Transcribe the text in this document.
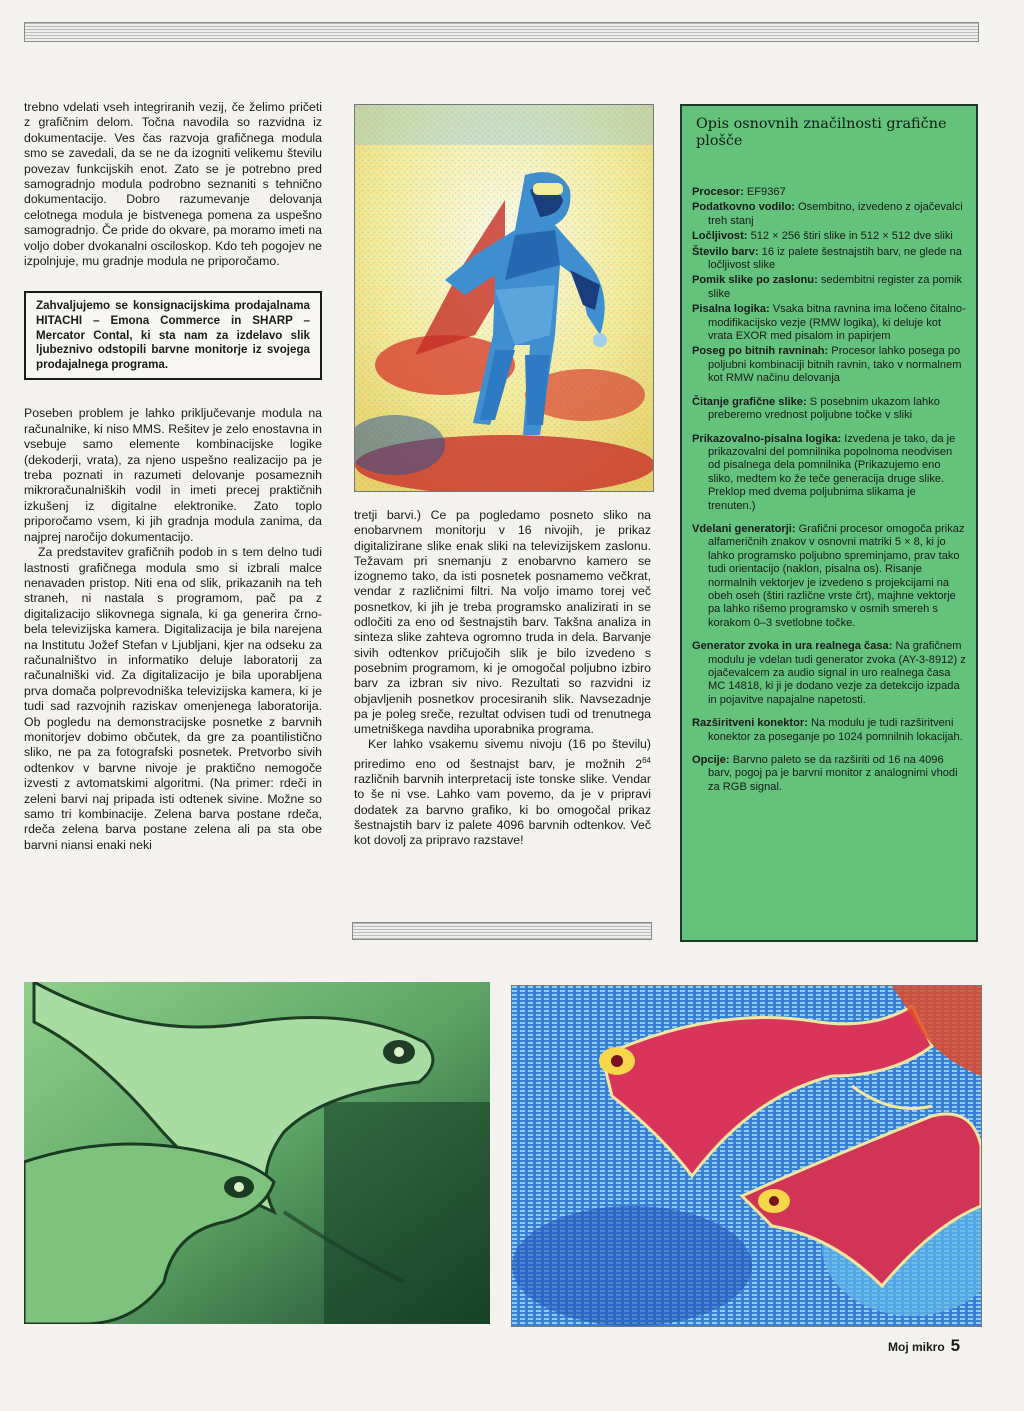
trebno vdelati vseh integriranih vezij, če želimo pričeti z grafičnim delom. Točna navodila so razvidna iz dokumentacije. Ves čas razvoja grafičnega modula smo se zavedali, da se ne da izogniti velikemu številu povezav funkcijskih enot. Zato se je potrebno pred samogradnjo modula podrobno seznaniti s tehnično dokumentacijo. Dobro razumevanje delovanja celotnega modula je bistvenega pomena za uspešno samogradnjo. Če pride do okvare, pa moramo imeti na voljo dober dvokanalni osciloskop. Kdo teh pogojev ne izpolnjuje, mu gradnje modula ne priporočamo.

Zahvaljujemo se konsignacijskima prodajalnama HITACHI – Emona Commerce in SHARP – Mercator Contal, ki sta nam za izdelavo slik ljubeznivo odstopili barvne monitorje iz svojega prodajalnega programa.

Poseben problem je lahko priključevanje modula na računalnike, ki niso MMS. Rešitev je zelo enostavna in vsebuje samo elemente kombinacijske logike (dekoderji, vrata), za njeno uspešno realizacijo pa je treba poznati in razumeti delovanje posameznih mikroračunalniških vodil in imeti precej praktičnih izkušenj iz digitalne elektronike. Zato toplo priporočamo vsem, ki jih gradnja modula zanima, da najprej naročijo dokumentacijo.

Za predstavitev grafičnih podob in s tem delno tudi lastnosti grafičnega modula smo si izbrali malce nenavaden pristop. Niti ena od slik, prikazanih na teh straneh, ni nastala s programom, pač pa z digitalizacijo slikovnega signala, ki ga generira črno-bela televizijska kamera. Digitalizacija je bila narejena na Institutu Jožef Stefan v Ljubljani, kjer na odseku za računalništvo in informatiko deluje laboratorij za računalniški vid. Za digitalizacijo je bila uporabljena prva domača polprevodniška televizijska kamera, ki je tudi sad razvojnih raziskav omenjenega laboratorija. Ob pogledu na demonstracijske posnetke z barvnih monitorjev dobimo občutek, da gre za poantilistično sliko, ne pa za fotografski posnetek. Pretvorbo sivih odtenkov v barvne nivoje je praktično nemogoče izvesti z avtomatskimi algoritmi. (Na primer: rdeči in zeleni barvi naj pripada isti odtenek sivine. Možne so samo tri kombinacije. Zelena barva postane rdeča, rdeča zelena barva postane zelena ali pa sta obe barvni niansi enaki neki

tretji barvi.) Ce pa pogledamo posneto sliko na enobarvnem monitorju v 16 nivojih, je prikaz digitalizirane slike enak sliki na televizijskem zaslonu. Težavam pri snemanju z enobarvno kamero se izognemo tako, da isti posnetek posnamemo večkrat, vendar z različnimi filtri. Na voljo imamo torej več posnetkov, ki jih je treba programsko analizirati in se odločiti za eno od šestnajstih barv. Takšna analiza in sinteza slike zahteva ogromno truda in dela. Barvanje sivih odtenkov pričujočih slik je bilo izvedeno s posebnim programom, ki je omogočal poljubno izbiro barv za izbran siv nivo. Rezultati so razvidni iz objavljenih posnetkov procesiranih slik. Navsezadnje pa je poleg sreče, rezultat odvisen tudi od trenutnega umetniškega navdiha uporabnika programa.

Ker lahko vsakemu sivemu nivoju (16 po številu) priredimo eno od šestnajst barv, je možnih $2^{64}$ različnih barvnih interpretacij iste tonske slike. Vendar to še ni vse. Lahko vam povemo, da je v pripravi dodatek za barvno grafiko, ki bo omogočal prikaz šestnajstih barv iz palete 4096 barvnih odtenkov. Več kot dovolj za pripravo razstave!

Opis osnovnih značilnosti grafične plošče

Procesor: EF9367

Podatkovno vodilo: Osembitno, izvedeno z ojačevalci treh stanj

Ločljivost: 512 × 256 štiri slike in 512 × 512 dve sliki

Število barv: 16 iz palete šestnajstih barv, ne glede na ločljivost slike

Pomik slike po zaslonu: sedembitni register za pomik slike

Pisalna logika: Vsaka bitna ravnina ima ločeno čitalno-modifikacijsko vezje (RMW logika), ki deluje kot vrata EXOR med pisalom in papirjem

Poseg po bitnih ravninah: Procesor lahko posega po poljubni kombinaciji bitnih ravnin, tako v normalnem kot RMW načinu delovanja

Čitanje grafične slike: S posebnim ukazom lahko preberemo vrednost poljubne točke v sliki

Prikazovalno-pisalna logika: Izvedena je tako, da je prikazovalni del pomnilnika popolnoma neodvisen od pisalnega dela pomnilnika (Prikazujemo eno sliko, medtem ko že teče generacija druge slike. Preklop med dvema poljubnima slikama je trenuten.)

Vdelani generatorji: Grafični procesor omogoča prikaz alfameričnih znakov v osnovni matriki 5 × 8, ki jo lahko programsko poljubno spreminjamo, prav tako tudi orientacijo (naklon, pisalna os). Risanje normalnih vektorjev je izvedeno s projekcijami na obeh oseh (štiri različne vrste črt), majhne vektorje pa lahko rišemo programsko v osmih smereh s korakom 0–3 svetlobne točke.

Generator zvoka in ura realnega časa: Na grafičnem modulu je vdelan tudi generator zvoka (AY-3-8912) z ojačevalcem za audio signal in uro realnega časa MC 14818, ki ji je dodano vezje za detekcijo izpada in pojavitve napajalne napetosti.

Razširitveni konektor: Na modulu je tudi razširitveni konektor za poseganje po 1024 pomnilnih lokacijah.

Opcije: Barvno paleto se da razširiti od 16 na 4096 barv, pogoj pa je barvni monitor z analognimi vhodi za RGB signal.

Moj mikro 5
